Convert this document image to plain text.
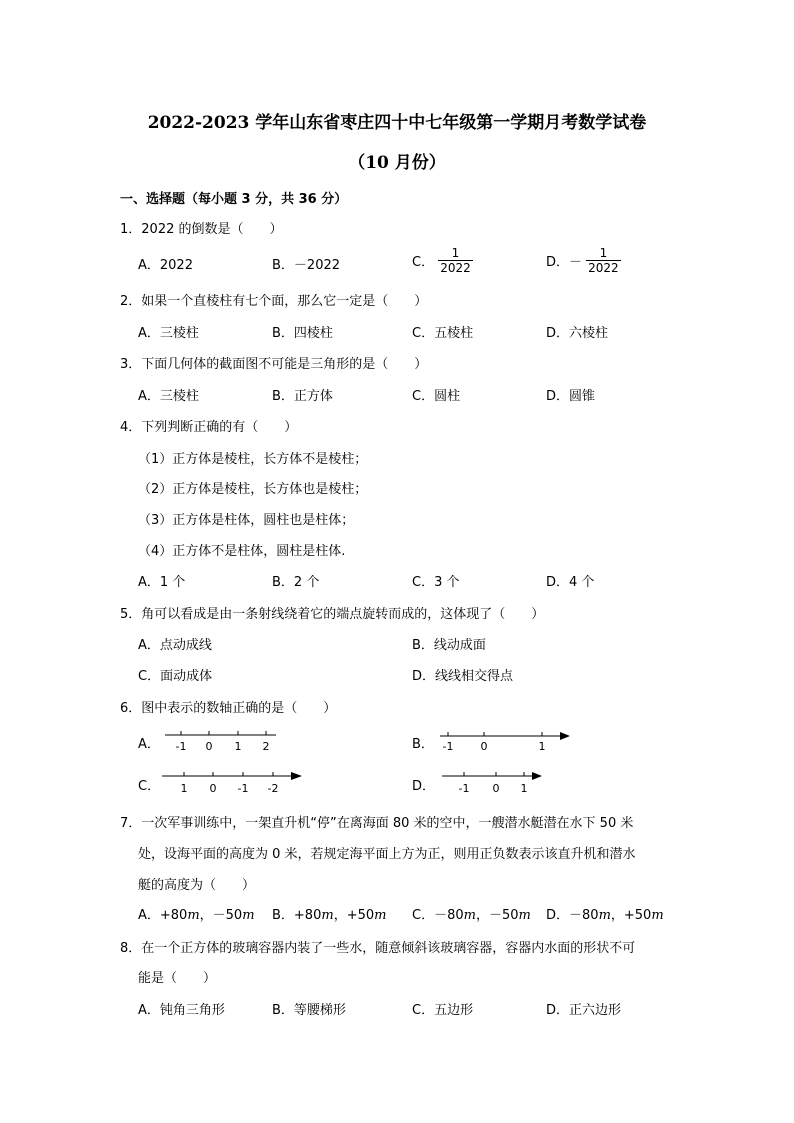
2022-2023 学年山东省枣庄四十中七年级第一学期月考数学试卷
（10 月份）
一、选择题（每小题 3 分，共 36 分）
1．2022 的倒数是（　　）
A．2022	B．－2022	C． $\frac{1}{2022}$	D．－ $\frac{1}{2022}$
2．如果一个直棱柱有七个面，那么它一定是（　　）
A．三棱柱	B．四棱柱	C．五棱柱	D．六棱柱
3．下面几何体的截面图不可能是三角形的是（　　）
A．三棱柱	B．正方体	C．圆柱	D．圆锥
4．下列判断正确的有（　　）
（1）正方体是棱柱，长方体不是棱柱；
（2）正方体是棱柱，长方体也是棱柱；
（3）正方体是柱体，圆柱也是柱体；
（4）正方体不是柱体，圆柱是柱体.
A．1 个	B．2 个	C．3 个	D．4 个
5．角可以看成是由一条射线绕着它的端点旋转而成的，这体现了（　　）
A．点动成线	B．线动成面
C．面动成体	D．线线相交得点
6．图中表示的数轴正确的是（　　）
A． -1 0 1 2	B． -1 0	1
C． 1 0 -1 -2	D． -1 0 1
7．一次军事训练中，一架直升机“停”在离海面 80 米的空中，一艘潜水艇潜在水下 50 米
处，设海平面的高度为 0 米，若规定海平面上方为正，则用正负数表示该直升机和潜水
艇的高度为（　　）
A．+80m，－50m B．+80m，+50m C．－80m，－50m D．－80m，+50m
8．在一个正方体的玻璃容器内装了一些水，随意倾斜该玻璃容器，容器内水面的形状不可
能是（　　）
A．钝角三角形	B．等腰梯形	C．五边形	D．正六边形
